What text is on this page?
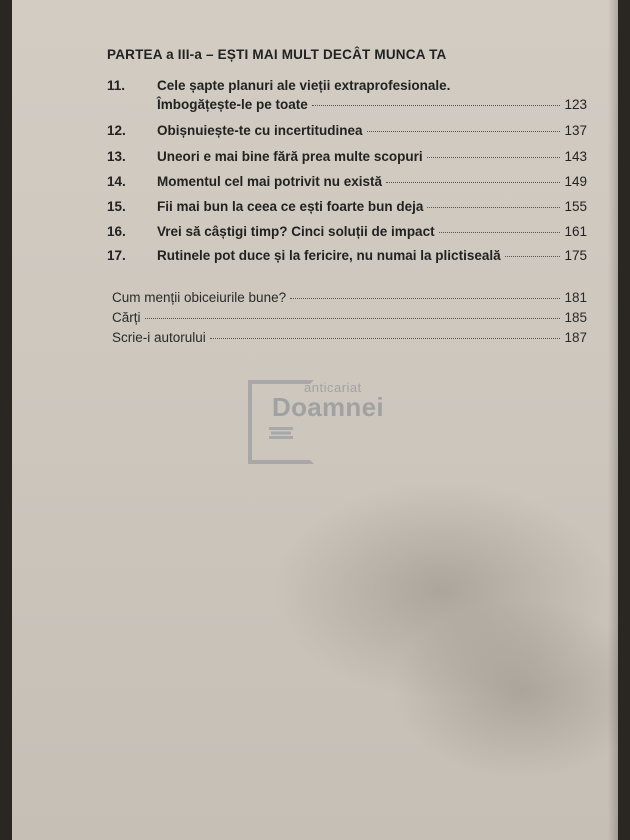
PARTEA a III-a – EȘTI MAI MULT DECÂT MUNCA TA
11.	Cele șapte planuri ale vieții extraprofesionale.
Îmbogățește-le pe toate	123
12.	Obișnuiește-te cu incertitudinea	137
13.	Uneori e mai bine fără prea multe scopuri	143
14.	Momentul cel mai potrivit nu există	149
15.	Fii mai bun la ceea ce ești foarte bun deja	155
16.	Vrei să câștigi timp? Cinci soluții de impact	161
17.	Rutinele pot duce și la fericire, nu numai la plictiseală	175
Cum menții obiceiurile bune?	181
Cărți	185
Scrie-i autorului	187
anticariat
Doamnei
